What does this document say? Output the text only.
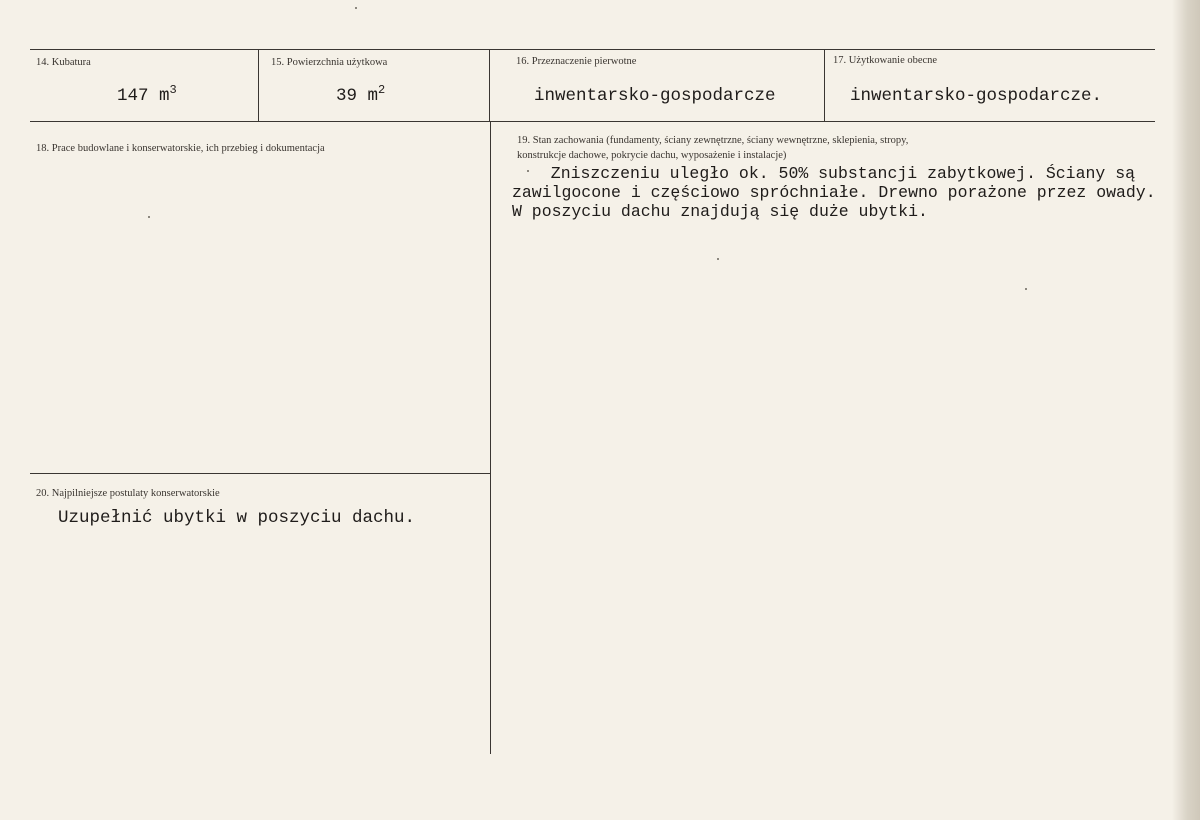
14. Kubatura
147 $m^3$
15. Powierzchnia użytkowa
39 $m^2$
16. Przeznaczenie pierwotne
inwentarsko-gospodarcze
17. Użytkowanie obecne
inwentarsko-gospodarcze.
18. Prace budowlane i konserwatorskie, ich przebieg i dokumentacja
19. Stan zachowania (fundamenty, ściany zewnętrzne, ściany wewnętrzne, sklepienia, stropy,
konstrukcje dachowe, pokrycie dachu, wyposażenie i instalacje)
Zniszczeniu uległo ok. 50% substancji zabytkowej. Ściany są
zawilgocone i częściowo spróchniałe. Drewno porażone przez owady.
W poszyciu dachu znajdują się duże ubytki.
20. Najpilniejsze postulaty konserwatorskie
Uzupełnić ubytki w poszyciu dachu.
